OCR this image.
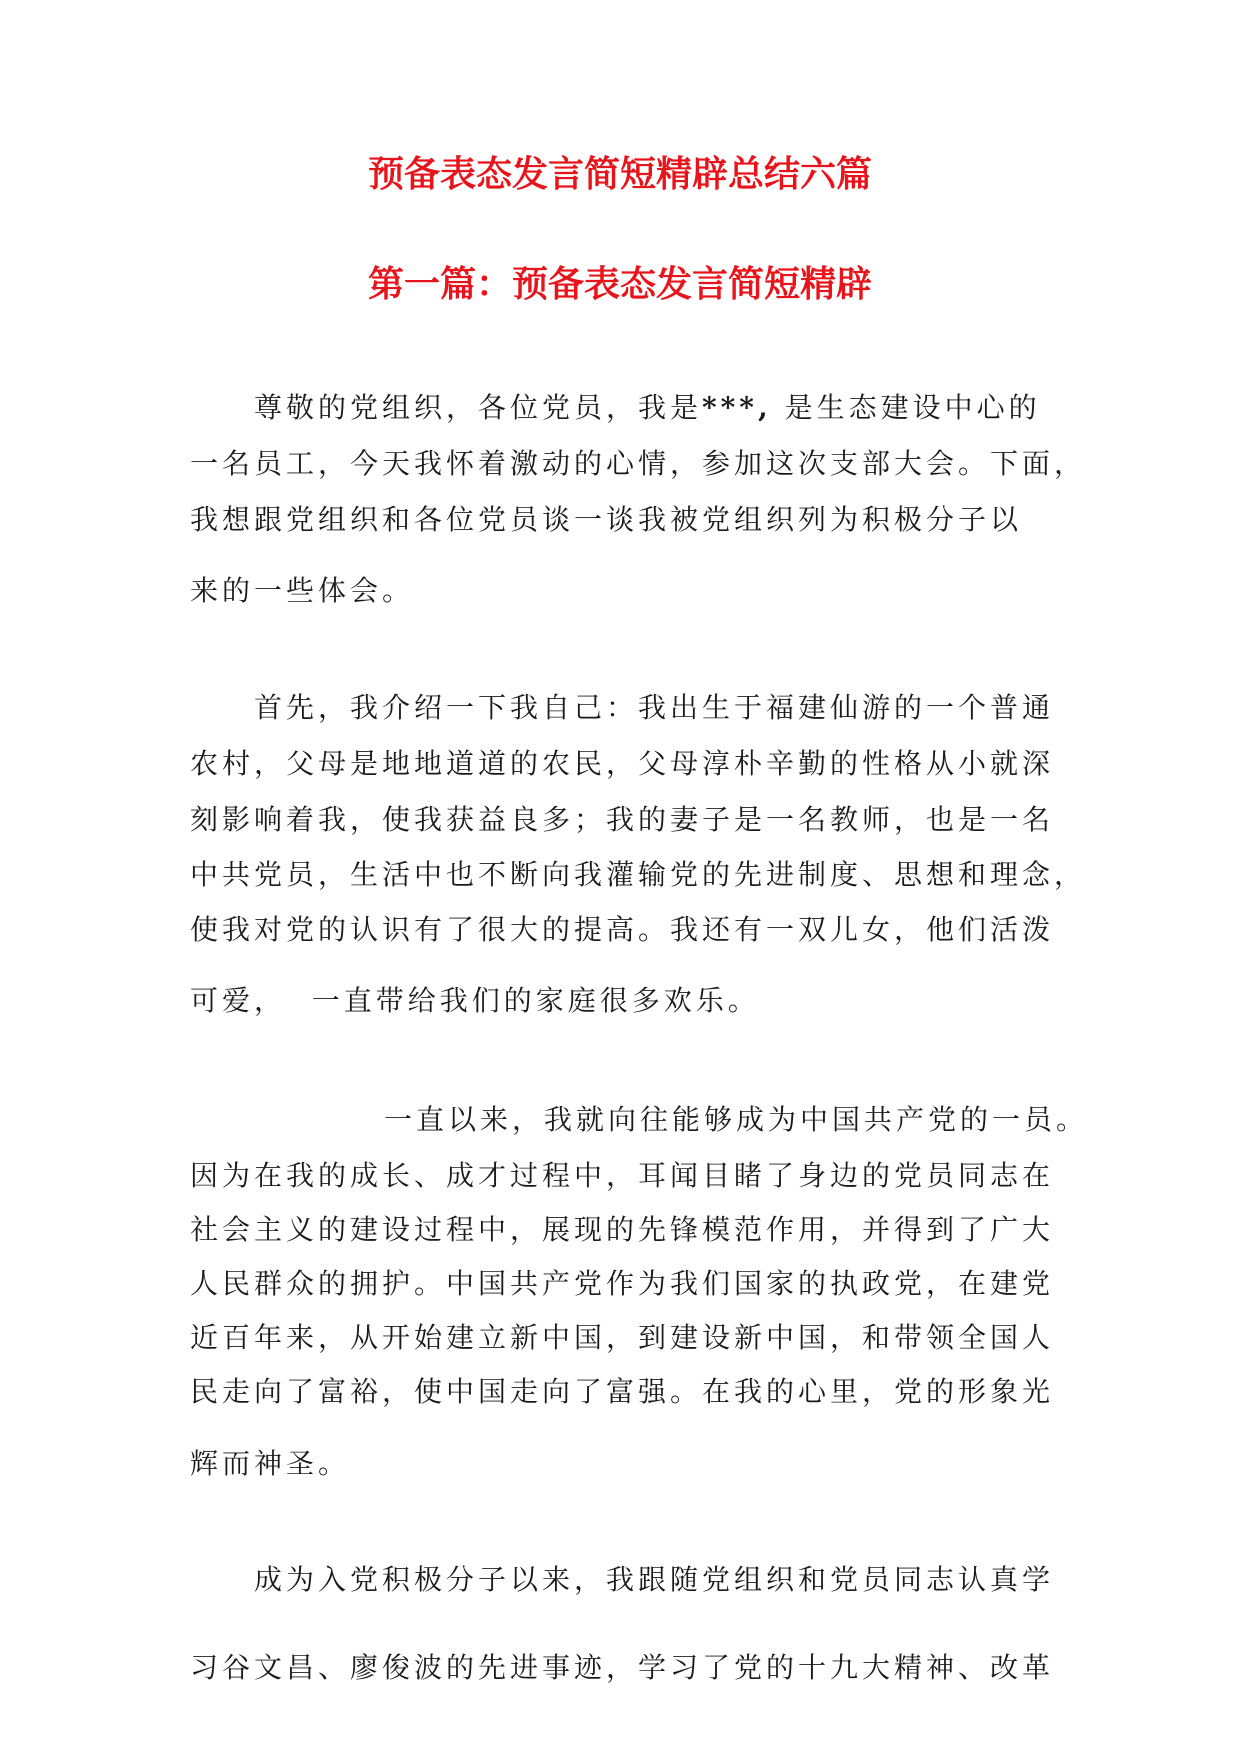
预备表态发言简短精辟总结六篇
第一篇：预备表态发言简短精辟
尊敬的党组织，各位党员，我是***, 是生态建设中心的
一名员工，今天我怀着激动的心情，参加这次支部大会。下面，
我想跟党组织和各位党员谈一谈我被党组织列为积极分子以
来的一些体会。
首先，我介绍一下我自己：我出生于福建仙游的一个普通
农村，父母是地地道道的农民，父母淳朴辛勤的性格从小就深
刻影响着我，使我获益良多；我的妻子是一名教师，也是一名
中共党员，生活中也不断向我灌输党的先进制度、思想和理念，
使我对党的认识有了很大的提高。我还有一双儿女，他们活泼
可爱，  一直带给我们的家庭很多欢乐。
一直以来，我就向往能够成为中国共产党的一员。
因为在我的成长、成才过程中，耳闻目睹了身边的党员同志在
社会主义的建设过程中，展现的先锋模范作用，并得到了广大
人民群众的拥护。中国共产党作为我们国家的执政党，在建党
近百年来，从开始建立新中国，到建设新中国，和带领全国人
民走向了富裕，使中国走向了富强。在我的心里，党的形象光
辉而神圣。
成为入党积极分子以来，我跟随党组织和党员同志认真学
习谷文昌、廖俊波的先进事迹，学习了党的十九大精神、改革
